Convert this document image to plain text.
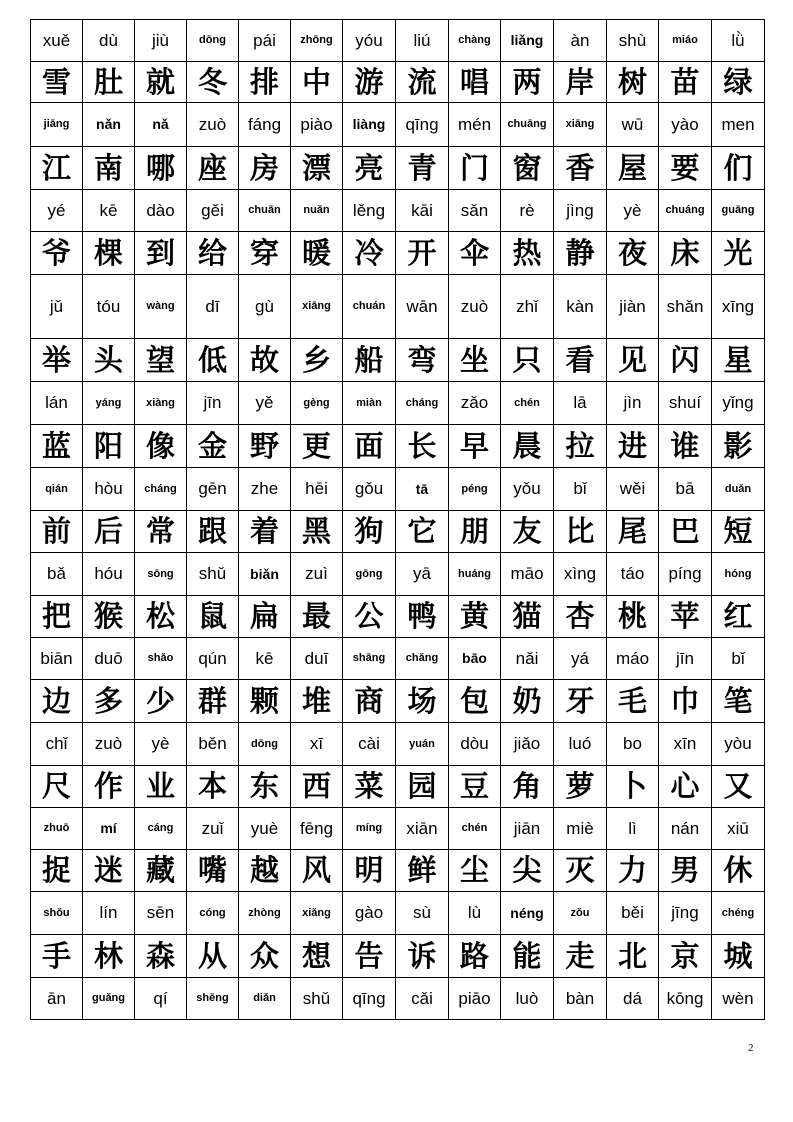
xuě	dù	jiù	dōng	pái	zhōng	yóu	liú	chàng	liǎng	àn	shù	miáo	lǜ
雪	肚	就	冬	排	中	游	流	唱	两	岸	树	苗	绿
jiāng	nǎn	nǎ	zuò	fáng	piào	liàng	qīng	mén	chuāng	xiāng	wū	yào	men
江	南	哪	座	房	漂	亮	青	门	窗	香	屋	要	们
yé	kē	dào	gěi	chuān	nuǎn	lěng	kāi	sǎn	rè	jìng	yè	chuáng	guāng
爷	棵	到	给	穿	暖	冷	开	伞	热	静	夜	床	光
jǔ	tóu	wàng	dī	gù	xiāng	chuán	wān	zuò	zhǐ	kàn	jiàn	shǎn	xīng
举	头	望	低	故	乡	船	弯	坐	只	看	见	闪	星
lán	yáng	xiàng	jīn	yě	gèng	miàn	cháng	zǎo	chén	lā	jìn	shuí	yǐng
蓝	阳	像	金	野	更	面	长	早	晨	拉	进	谁	影
qián	hòu	cháng	gēn	zhe	hēi	gǒu	tā	péng	yǒu	bǐ	wěi	bā	duǎn
前	后	常	跟	着	黑	狗	它	朋	友	比	尾	巴	短
bǎ	hóu	sōng	shǔ	biǎn	zuì	gōng	yā	huáng	māo	xìng	táo	píng	hóng
把	猴	松	鼠	扁	最	公	鸭	黄	猫	杏	桃	苹	红
biān	duō	shǎo	qún	kē	duī	shāng	chǎng	bāo	nǎi	yá	máo	jīn	bǐ
边	多	少	群	颗	堆	商	场	包	奶	牙	毛	巾	笔
chǐ	zuò	yè	běn	dōng	xī	cài	yuán	dòu	jiǎo	luó	bo	xīn	yòu
尺	作	业	本	东	西	菜	园	豆	角	萝	卜	心	又
zhuō	mí	cáng	zuǐ	yuè	fēng	míng	xiān	chén	jiān	miè	lì	nán	xiū
捉	迷	藏	嘴	越	风	明	鲜	尘	尖	灭	力	男	休
shǒu	lín	sēn	cóng	zhòng	xiǎng	gào	sù	lù	néng	zǒu	běi	jīng	chéng
手	林	森	从	众	想	告	诉	路	能	走	北	京	城
ān	guǎng	qí	shēng	diǎn	shǔ	qīng	cǎi	piāo	luò	bàn	dá	kōng	wèn
2
